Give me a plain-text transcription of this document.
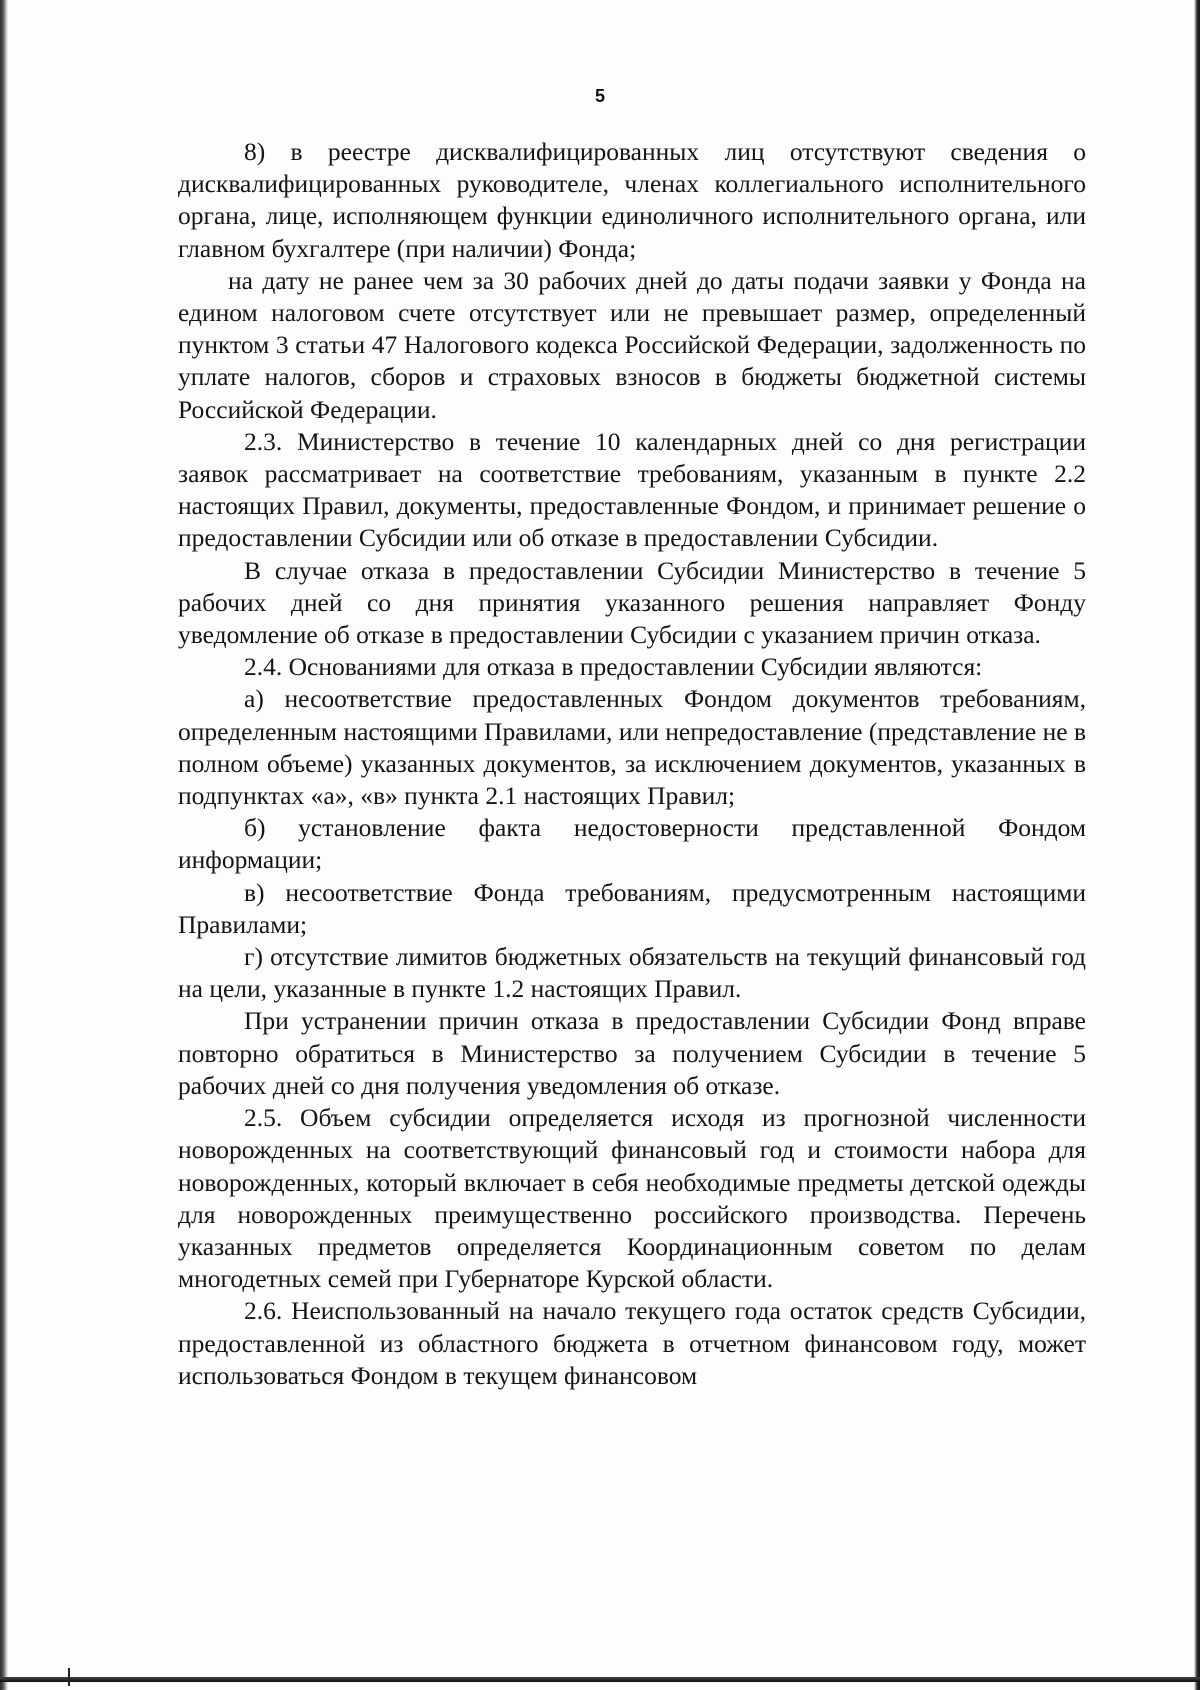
5

8) в реестре дисквалифицированных лиц отсутствуют сведения о дисквалифицированных руководителе, членах коллегиального исполнительного органа, лице, исполняющем функции единоличного исполнительного органа, или главном бухгалтере (при наличии) Фонда;

на дату не ранее чем за 30 рабочих дней до даты подачи заявки у Фонда на едином налоговом счете отсутствует или не превышает размер, определенный пунктом 3 статьи 47 Налогового кодекса Российской Федерации, задолженность по уплате налогов, сборов и страховых взносов в бюджеты бюджетной системы Российской Федерации.

2.3. Министерство в течение 10 календарных дней со дня регистрации заявок рассматривает на соответствие требованиям, указанным в пункте 2.2 настоящих Правил, документы, предоставленные Фондом, и принимает решение о предоставлении Субсидии или об отказе в предоставлении Субсидии.

В случае отказа в предоставлении Субсидии Министерство в течение 5 рабочих дней со дня принятия указанного решения направляет Фонду уведомление об отказе в предоставлении Субсидии с указанием причин отказа.

2.4. Основаниями для отказа в предоставлении Субсидии являются:

а) несоответствие предоставленных Фондом документов требованиям, определенным настоящими Правилами, или непредоставление (представление не в полном объеме) указанных документов, за исключением документов, указанных в подпунктах «а», «в» пункта 2.1 настоящих Правил;

б) установление факта недостоверности представленной Фондом информации;

в) несоответствие Фонда требованиям, предусмотренным настоящими Правилами;

г) отсутствие лимитов бюджетных обязательств на текущий финансовый год на цели, указанные в пункте 1.2 настоящих Правил.

При устранении причин отказа в предоставлении Субсидии Фонд вправе повторно обратиться в Министерство за получением Субсидии в течение 5 рабочих дней со дня получения уведомления об отказе.

2.5. Объем субсидии определяется исходя из прогнозной численности новорожденных на соответствующий финансовый год и стоимости набора для новорожденных, который включает в себя необходимые предметы детской одежды для новорожденных преимущественно российского производства. Перечень указанных предметов определяется Координационным советом по делам многодетных семей при Губернаторе Курской области.

2.6. Неиспользованный на начало текущего года остаток средств Субсидии, предоставленной из областного бюджета в отчетном финансовом году, может использоваться Фондом в текущем финансовом
